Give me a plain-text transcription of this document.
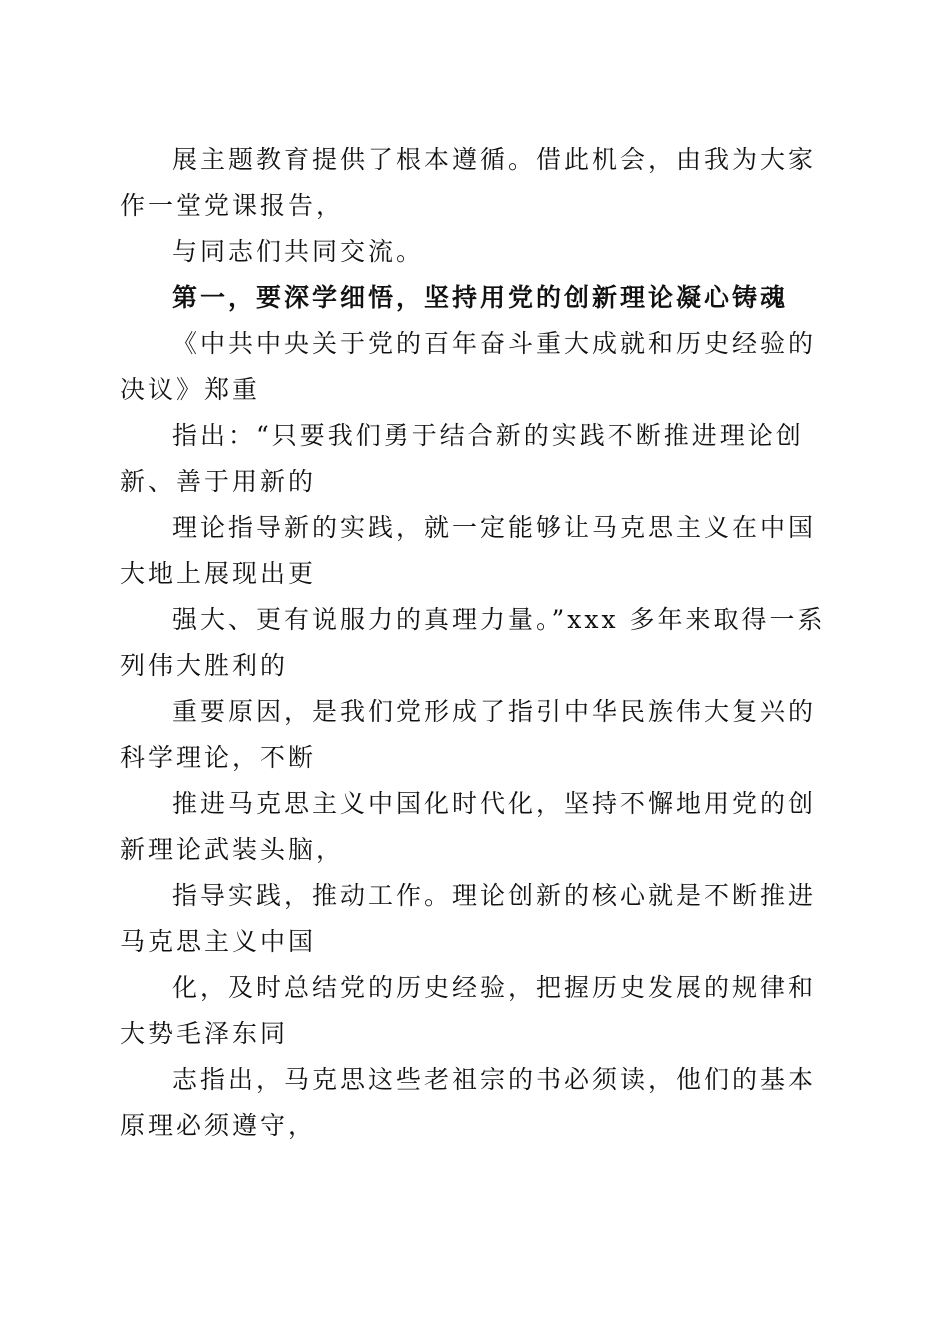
展主题教育提供了根本遵循。借此机会，由我为大家作一堂党课报告，

与同志们共同交流。

第一，要深学细悟，坚持用党的创新理论凝心铸魂

《中共中央关于党的百年奋斗重大成就和历史经验的决议》郑重

指出：“只要我们勇于结合新的实践不断推进理论创新、善于用新的

理论指导新的实践，就一定能够让马克思主义在中国大地上展现出更

强大、更有说服力的真理力量。”xxx 多年来取得一系列伟大胜利的

重要原因，是我们党形成了指引中华民族伟大复兴的科学理论，不断

推进马克思主义中国化时代化，坚持不懈地用党的创新理论武装头脑，

指导实践，推动工作。理论创新的核心就是不断推进马克思主义中国

化，及时总结党的历史经验，把握历史发展的规律和大势毛泽东同

志指出，马克思这些老祖宗的书必须读，他们的基本原理必须遵守，
